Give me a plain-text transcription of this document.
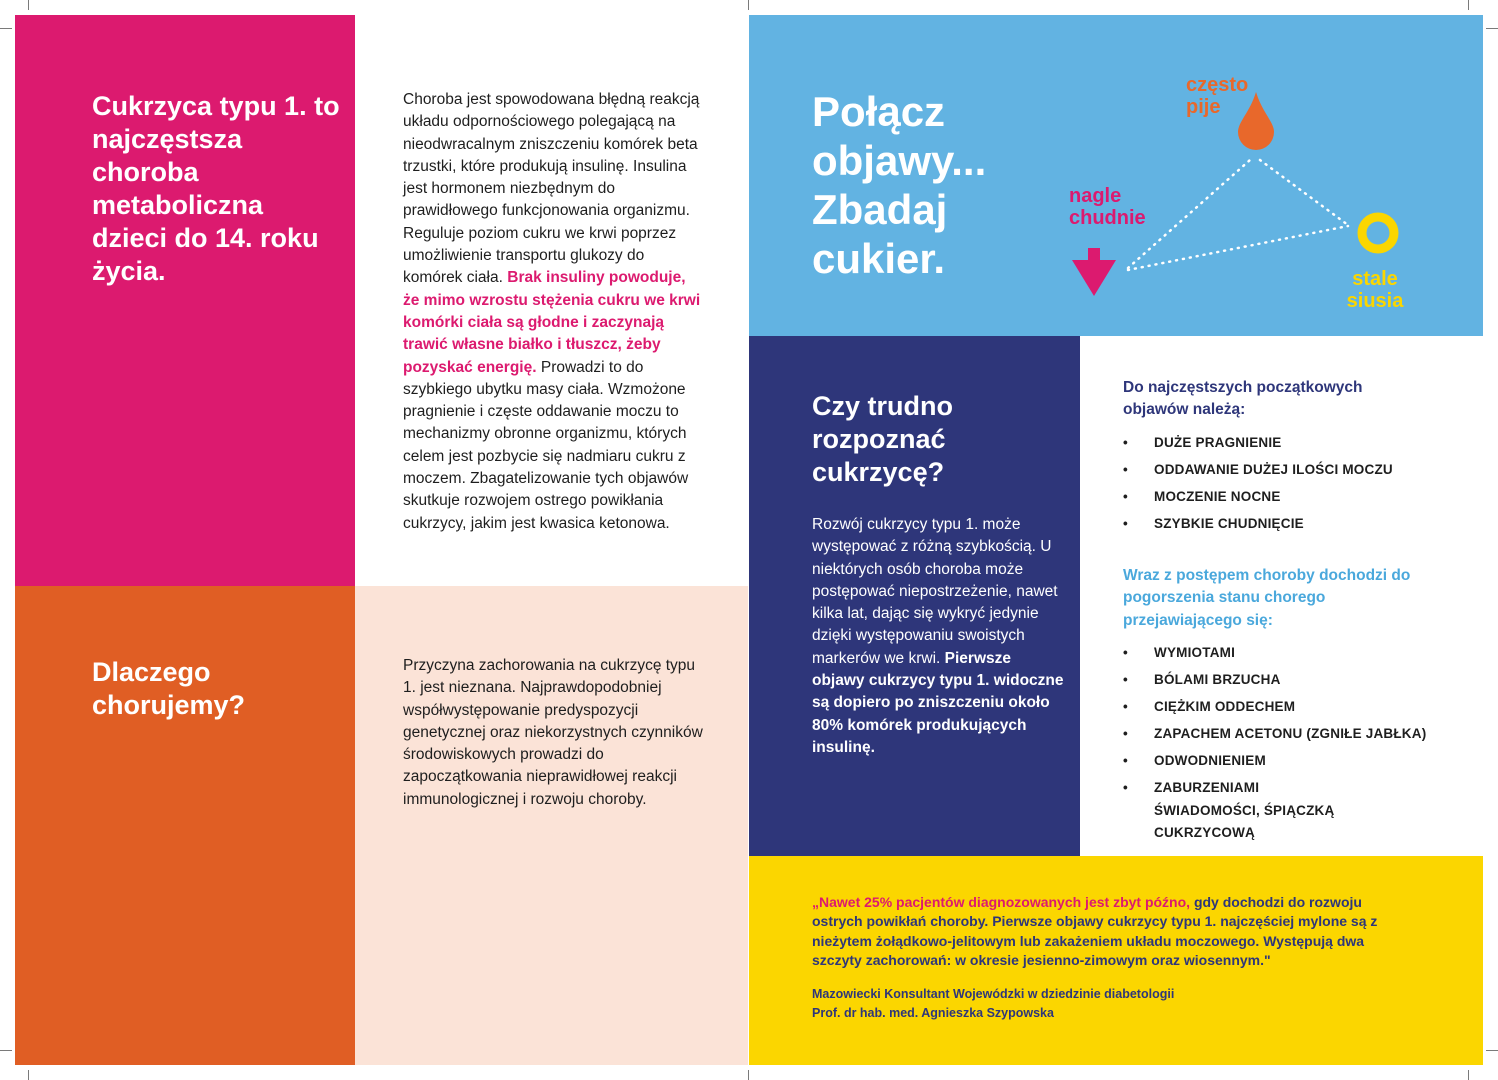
Cukrzyca typu 1. to najczęstsza choroba metaboliczna dzieci do 14. roku życia.
Choroba jest spowodowana błędną reakcją układu odpornościowego polegającą na nieodwracalnym zniszczeniu komórek beta trzustki, które produkują insulinę. Insulina jest hormonem niezbędnym do prawidłowego funkcjonowania organizmu. Reguluje poziom cukru we krwi poprzez umożliwienie transportu glukozy do komórek ciała. Brak insuliny powoduje, że mimo wzrostu stężenia cukru we krwi komórki ciała są głodne i zaczynają trawić własne białko i tłuszcz, żeby pozyskać energię. Prowadzi to do szybkiego ubytku masy ciała. Wzmożone pragnienie i częste oddawanie moczu to mechanizmy obronne organizmu, których celem jest pozbycie się nadmiaru cukru z moczem. Zbagatelizowanie tych objawów skutkuje rozwojem ostrego powikłania cukrzycy, jakim jest kwasica ketonowa.
Dlaczego chorujemy?
Przyczyna zachorowania na cukrzycę typu 1. jest nieznana. Najprawdopodobniej współwystępowanie predyspozycji genetycznej oraz niekorzystnych czynników środowiskowych prowadzi do zapoczątkowania nieprawidłowej reakcji immunologicznej i rozwoju choroby.
Połącz objawy... Zbadaj cukier.
często pije
nagle chudnie
stale siusia
Czy trudno rozpoznać cukrzycę?
Rozwój cukrzycy typu 1. może występować z różną szybkością. U niektórych osób choroba może postępować niepostrzeżenie, nawet kilka lat, dając się wykryć jedynie dzięki występowaniu swoistych markerów we krwi. Pierwsze objawy cukrzycy typu 1. widoczne są dopiero po zniszczeniu około 80% komórek produkujących insulinę.
Do najczęstszych początkowych objawów należą:
• DUŻE PRAGNIENIE
• ODDAWANIE DUŻEJ ILOŚCI MOCZU
• MOCZENIE NOCNE
• SZYBKIE CHUDNIĘCIE
Wraz z postępem choroby dochodzi do pogorszenia stanu chorego przejawiającego się:
• WYMIOTAMI
• BÓLAMI BRZUCHA
• CIĘŻKIM ODDECHEM
• ZAPACHEM ACETONU (ZGNIŁE JABŁKA)
• ODWODNIENIEM
• ZABURZENIAMI ŚWIADOMOŚCI, ŚPIĄCZKĄ CUKRZYCOWĄ
„Nawet 25% pacjentów diagnozowanych jest zbyt późno, gdy dochodzi do rozwoju ostrych powikłań choroby. Pierwsze objawy cukrzycy typu 1. najczęściej mylone są z nieżytem żołądkowo-jelitowym lub zakażeniem układu moczowego. Występują dwa szczyty zachorowań: w okresie jesienno-zimowym oraz wiosennym."
Mazowiecki Konsultant Wojewódzki w dziedzinie diabetologii
Prof. dr hab. med. Agnieszka Szypowska
